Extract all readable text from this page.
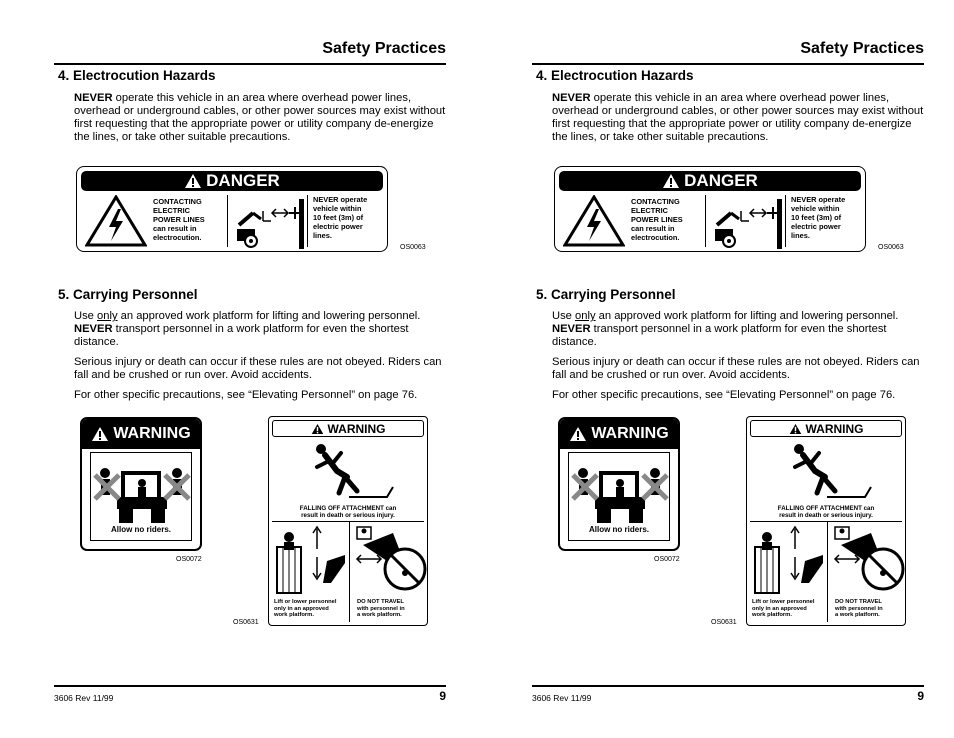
Safety Practices
4. Electrocution Hazards

NEVER operate this vehicle in an area where overhead power lines, overhead or underground cables, or other power sources may exist without first requesting that the appropriate power or utility company de-energize the lines, or take other suitable precautions.

DANGER
CONTACTING
ELECTRIC
POWER LINES
can result in
electrocution.
NEVER operate
vehicle within
10 feet (3m) of
electric power
lines.
OS0063
5. Carrying Personnel

Use only an approved work platform for lifting and lowering personnel. NEVER transport personnel in a work platform for even the shortest distance.

Serious injury or death can occur if these rules are not obeyed. Riders can fall and be crushed or run over. Avoid accidents.

For other specific precautions, see “Elevating Personnel” on page 76.

WARNING
Allow no riders.
OS0072
WARNING
FALLING OFF ATTACHMENT can
result in death or serious injury.
Lift or lower personnel
only in an approved
work platform.
DO NOT TRAVEL
with personnel in
a work platform.
OS0631
3606 Rev 11/99	9
Safety Practices
4. Electrocution Hazards

NEVER operate this vehicle in an area where overhead power lines, overhead or underground cables, or other power sources may exist without first requesting that the appropriate power or utility company de-energize the lines, or take other suitable precautions.

DANGER
CONTACTING
ELECTRIC
POWER LINES
can result in
electrocution.
NEVER operate
vehicle within
10 feet (3m) of
electric power
lines.
OS0063
5. Carrying Personnel

Use only an approved work platform for lifting and lowering personnel. NEVER transport personnel in a work platform for even the shortest distance.

Serious injury or death can occur if these rules are not obeyed. Riders can fall and be crushed or run over. Avoid accidents.

For other specific precautions, see “Elevating Personnel” on page 76.

WARNING
Allow no riders.
OS0072
WARNING
FALLING OFF ATTACHMENT can
result in death or serious injury.
Lift or lower personnel
only in an approved
work platform.
DO NOT TRAVEL
with personnel in
a work platform.
OS0631
3606 Rev 11/99	9
